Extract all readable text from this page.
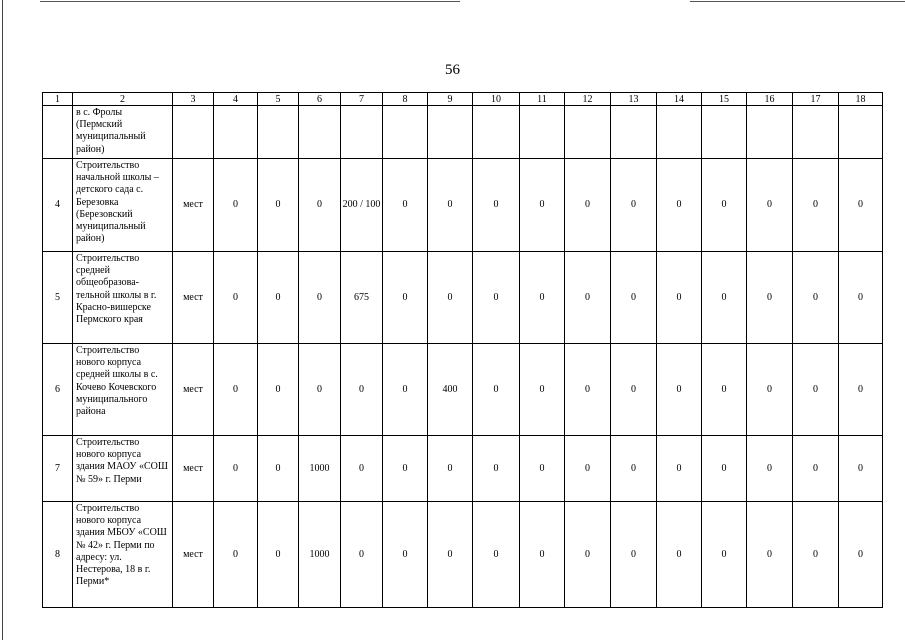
56
1	2	3	4	5	6	7	8	9	10	11	12	13	14	15	16	17	18
	в с. Фролы (Пермский муниципальный район)																
4	Строительство начальной школы – детского сада с. Березовка (Березовский муниципальный район)	мест	0	0	0	200 / 100	0	0	0	0	0	0	0	0	0	0	0
5	Строительство средней общеобразова-тельной школы в г. Красно-вишерске Пермского края	мест	0	0	0	675	0	0	0	0	0	0	0	0	0	0	0
6	Строительство нового корпуса средней школы в с. Кочево Кочевского муниципального района	мест	0	0	0	0	0	400	0	0	0	0	0	0	0	0	0
7	Строительство нового корпуса здания МАОУ «СОШ № 59» г. Перми	мест	0	0	1000	0	0	0	0	0	0	0	0	0	0	0	0
8	Строительство нового корпуса здания МБОУ «СОШ № 42» г. Перми по адресу: ул. Нестерова, 18 в г. Перми*	мест	0	0	1000	0	0	0	0	0	0	0	0	0	0	0	0
